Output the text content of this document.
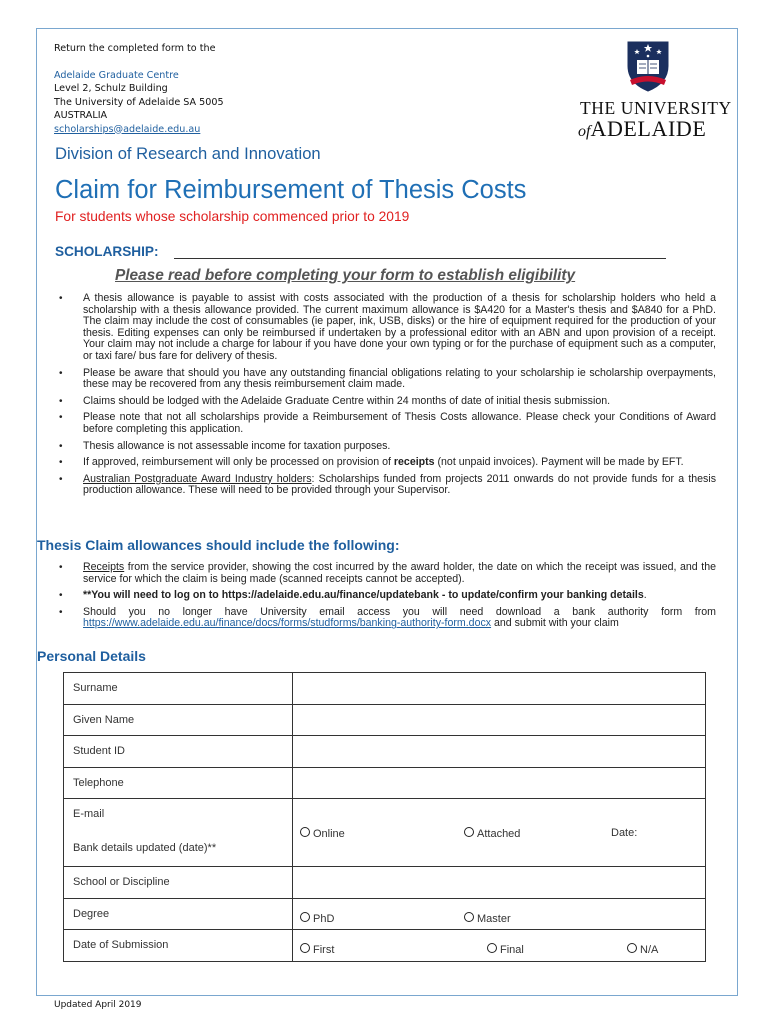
Return the completed form to the
Adelaide Graduate Centre
Level 2, Schulz Building
The University of Adelaide SA 5005
AUSTRALIA
scholarships@adelaide.edu.au
THE UNIVERSITY
ofADELAIDE
Division of Research and Innovation
Claim for Reimbursement of Thesis Costs
For students whose scholarship commenced prior to 2019
SCHOLARSHIP:
Please read before completing your form to establish eligibility
• A thesis allowance is payable to assist with costs associated with the production of a thesis for scholarship holders who held a scholarship with a thesis allowance provided. The current maximum allowance is $A420 for a Master's thesis and $A840 for a PhD. The claim may include the cost of consumables (ie paper, ink, USB, disks) or the hire of equipment required for the production of your thesis. Editing expenses can only be reimbursed if undertaken by a professional editor with an ABN and upon provision of a receipt. Your claim may not include a charge for labour if you have done your own typing or for the purchase of equipment such as a computer, or taxi fare/ bus fare for delivery of thesis.
• Please be aware that should you have any outstanding financial obligations relating to your scholarship ie scholarship overpayments, these may be recovered from any thesis reimbursement claim made.
• Claims should be lodged with the Adelaide Graduate Centre within 24 months of date of initial thesis submission.
• Please note that not all scholarships provide a Reimbursement of Thesis Costs allowance. Please check your Conditions of Award before completing this application.
• Thesis allowance is not assessable income for taxation purposes.
• If approved, reimbursement will only be processed on provision of receipts (not unpaid invoices). Payment will be made by EFT.
• Australian Postgraduate Award Industry holders: Scholarships funded from projects 2011 onwards do not provide funds for a thesis production allowance. These will need to be provided through your Supervisor.
Thesis Claim allowances should include the following:
• Receipts from the service provider, showing the cost incurred by the award holder, the date on which the receipt was issued, and the service for which the claim is being made (scanned receipts cannot be accepted).
• **You will need to log on to https://adelaide.edu.au/finance/updatebank - to update/confirm your banking details.
• Should you no longer have University email access you will need download a bank authority form from https://www.adelaide.edu.au/finance/docs/forms/studforms/banking-authority-form.docx and submit with your claim
Personal Details
Surname	
Given Name	
Student ID	
Telephone	
E-mail	
Bank details updated (date)**	Online Attached Date:

School or Discipline	
Degree	PhD Master

Date of Submission	First Final N/A
Updated April 2019
